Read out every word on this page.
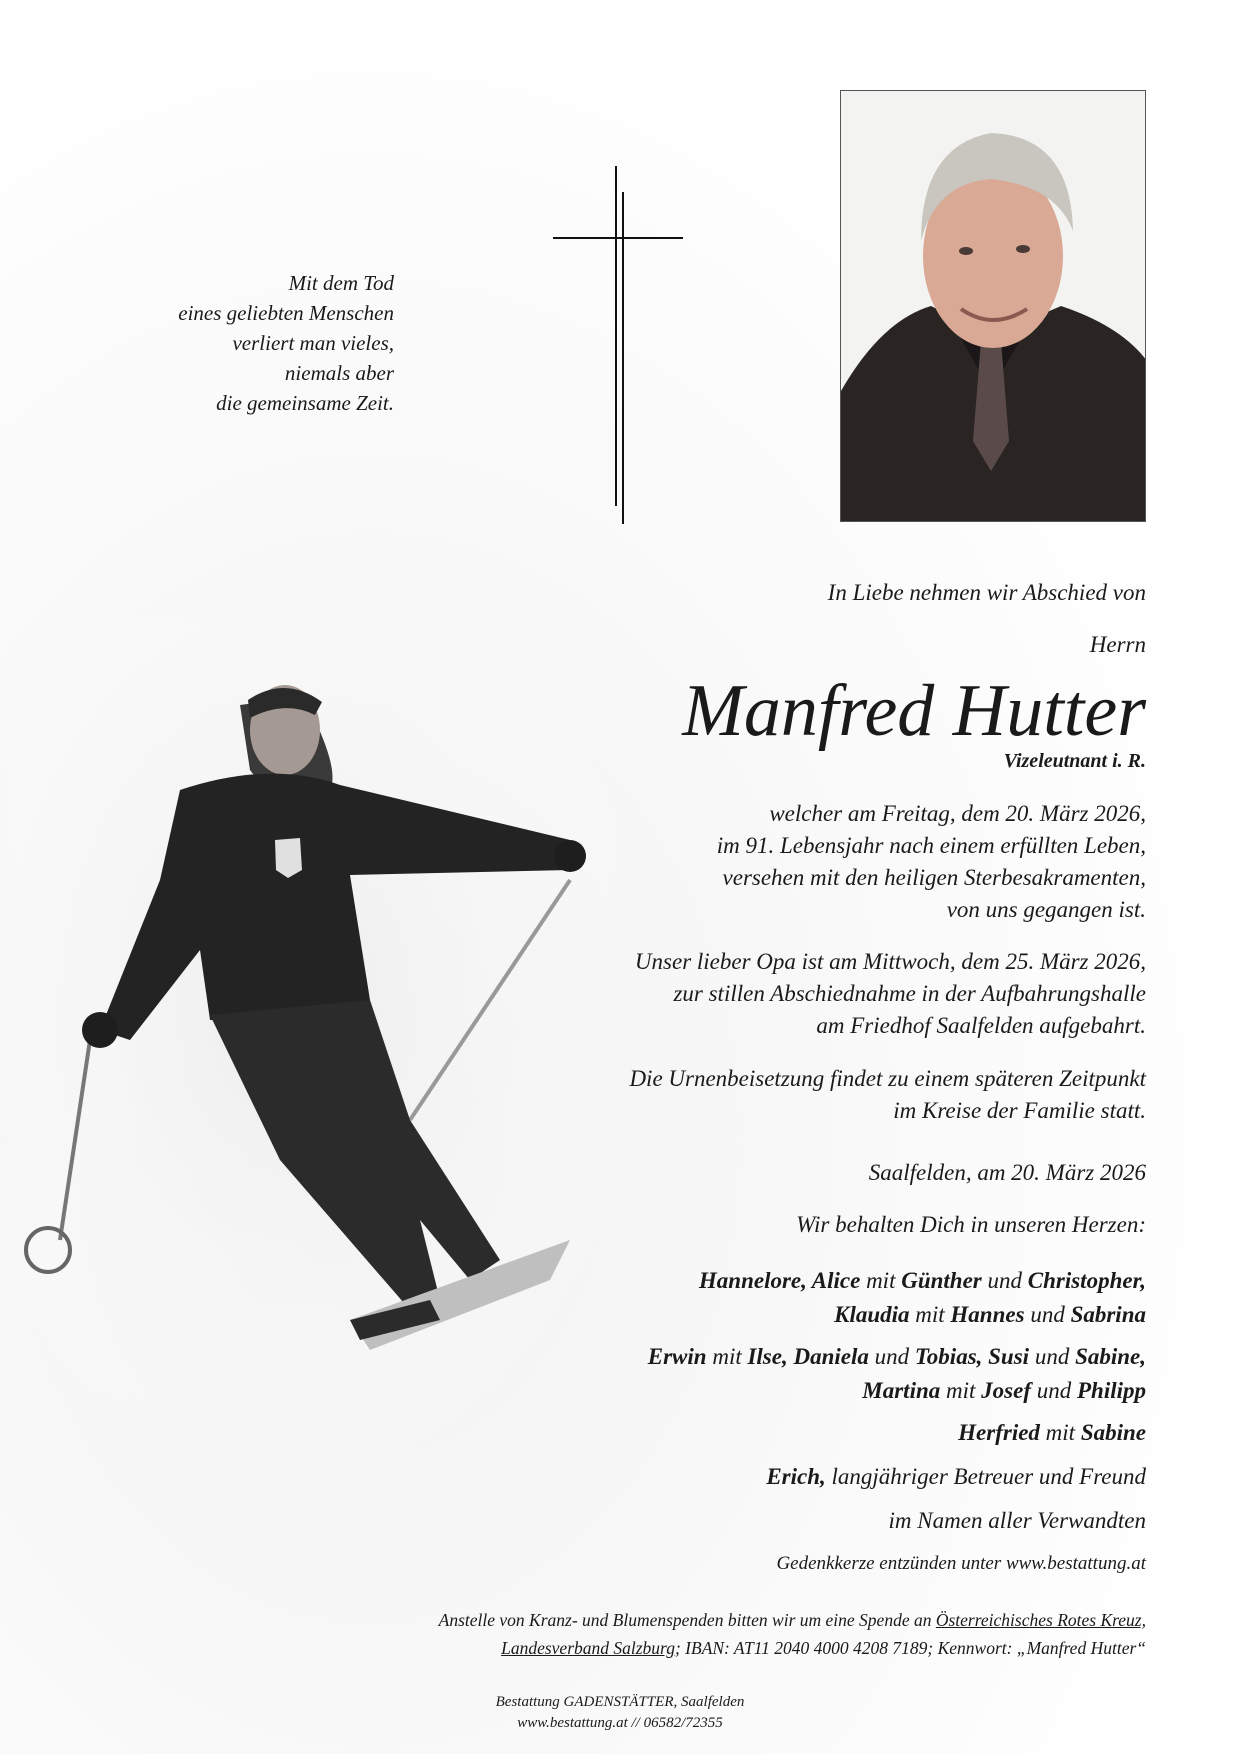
Mit dem Tod
eines geliebten Menschen
verliert man vieles,
niemals aber
die gemeinsame Zeit.
In Liebe nehmen wir Abschied von
Herrn
Manfred Hutter
Vizeleutnant i. R.
welcher am Freitag, dem 20. März 2026,
im 91. Lebensjahr nach einem erfüllten Leben,
versehen mit den heiligen Sterbesakramenten,
von uns gegangen ist.
Unser lieber Opa ist am Mittwoch, dem 25. März 2026,
zur stillen Abschiednahme in der Aufbahrungshalle
am Friedhof Saalfelden aufgebahrt.
Die Urnenbeisetzung findet zu einem späteren Zeitpunkt
im Kreise der Familie statt.
Saalfelden, am 20. März 2026
Wir behalten Dich in unseren Herzen:
Hannelore, Alice mit Günther und Christopher,
Klaudia mit Hannes und Sabrina
Erwin mit Ilse, Daniela und Tobias, Susi und Sabine,
Martina mit Josef und Philipp
Herfried mit Sabine
Erich, langjähriger Betreuer und Freund
im Namen aller Verwandten
Gedenkkerze entzünden unter www.bestattung.at
Anstelle von Kranz- und Blumenspenden bitten wir um eine Spende an Österreichisches Rotes Kreuz,
Landesverband Salzburg; IBAN: AT11 2040 4000 4208 7189; Kennwort: „Manfred Hutter“
Bestattung GADENSTÄTTER, Saalfelden
www.bestattung.at // 06582/72355
